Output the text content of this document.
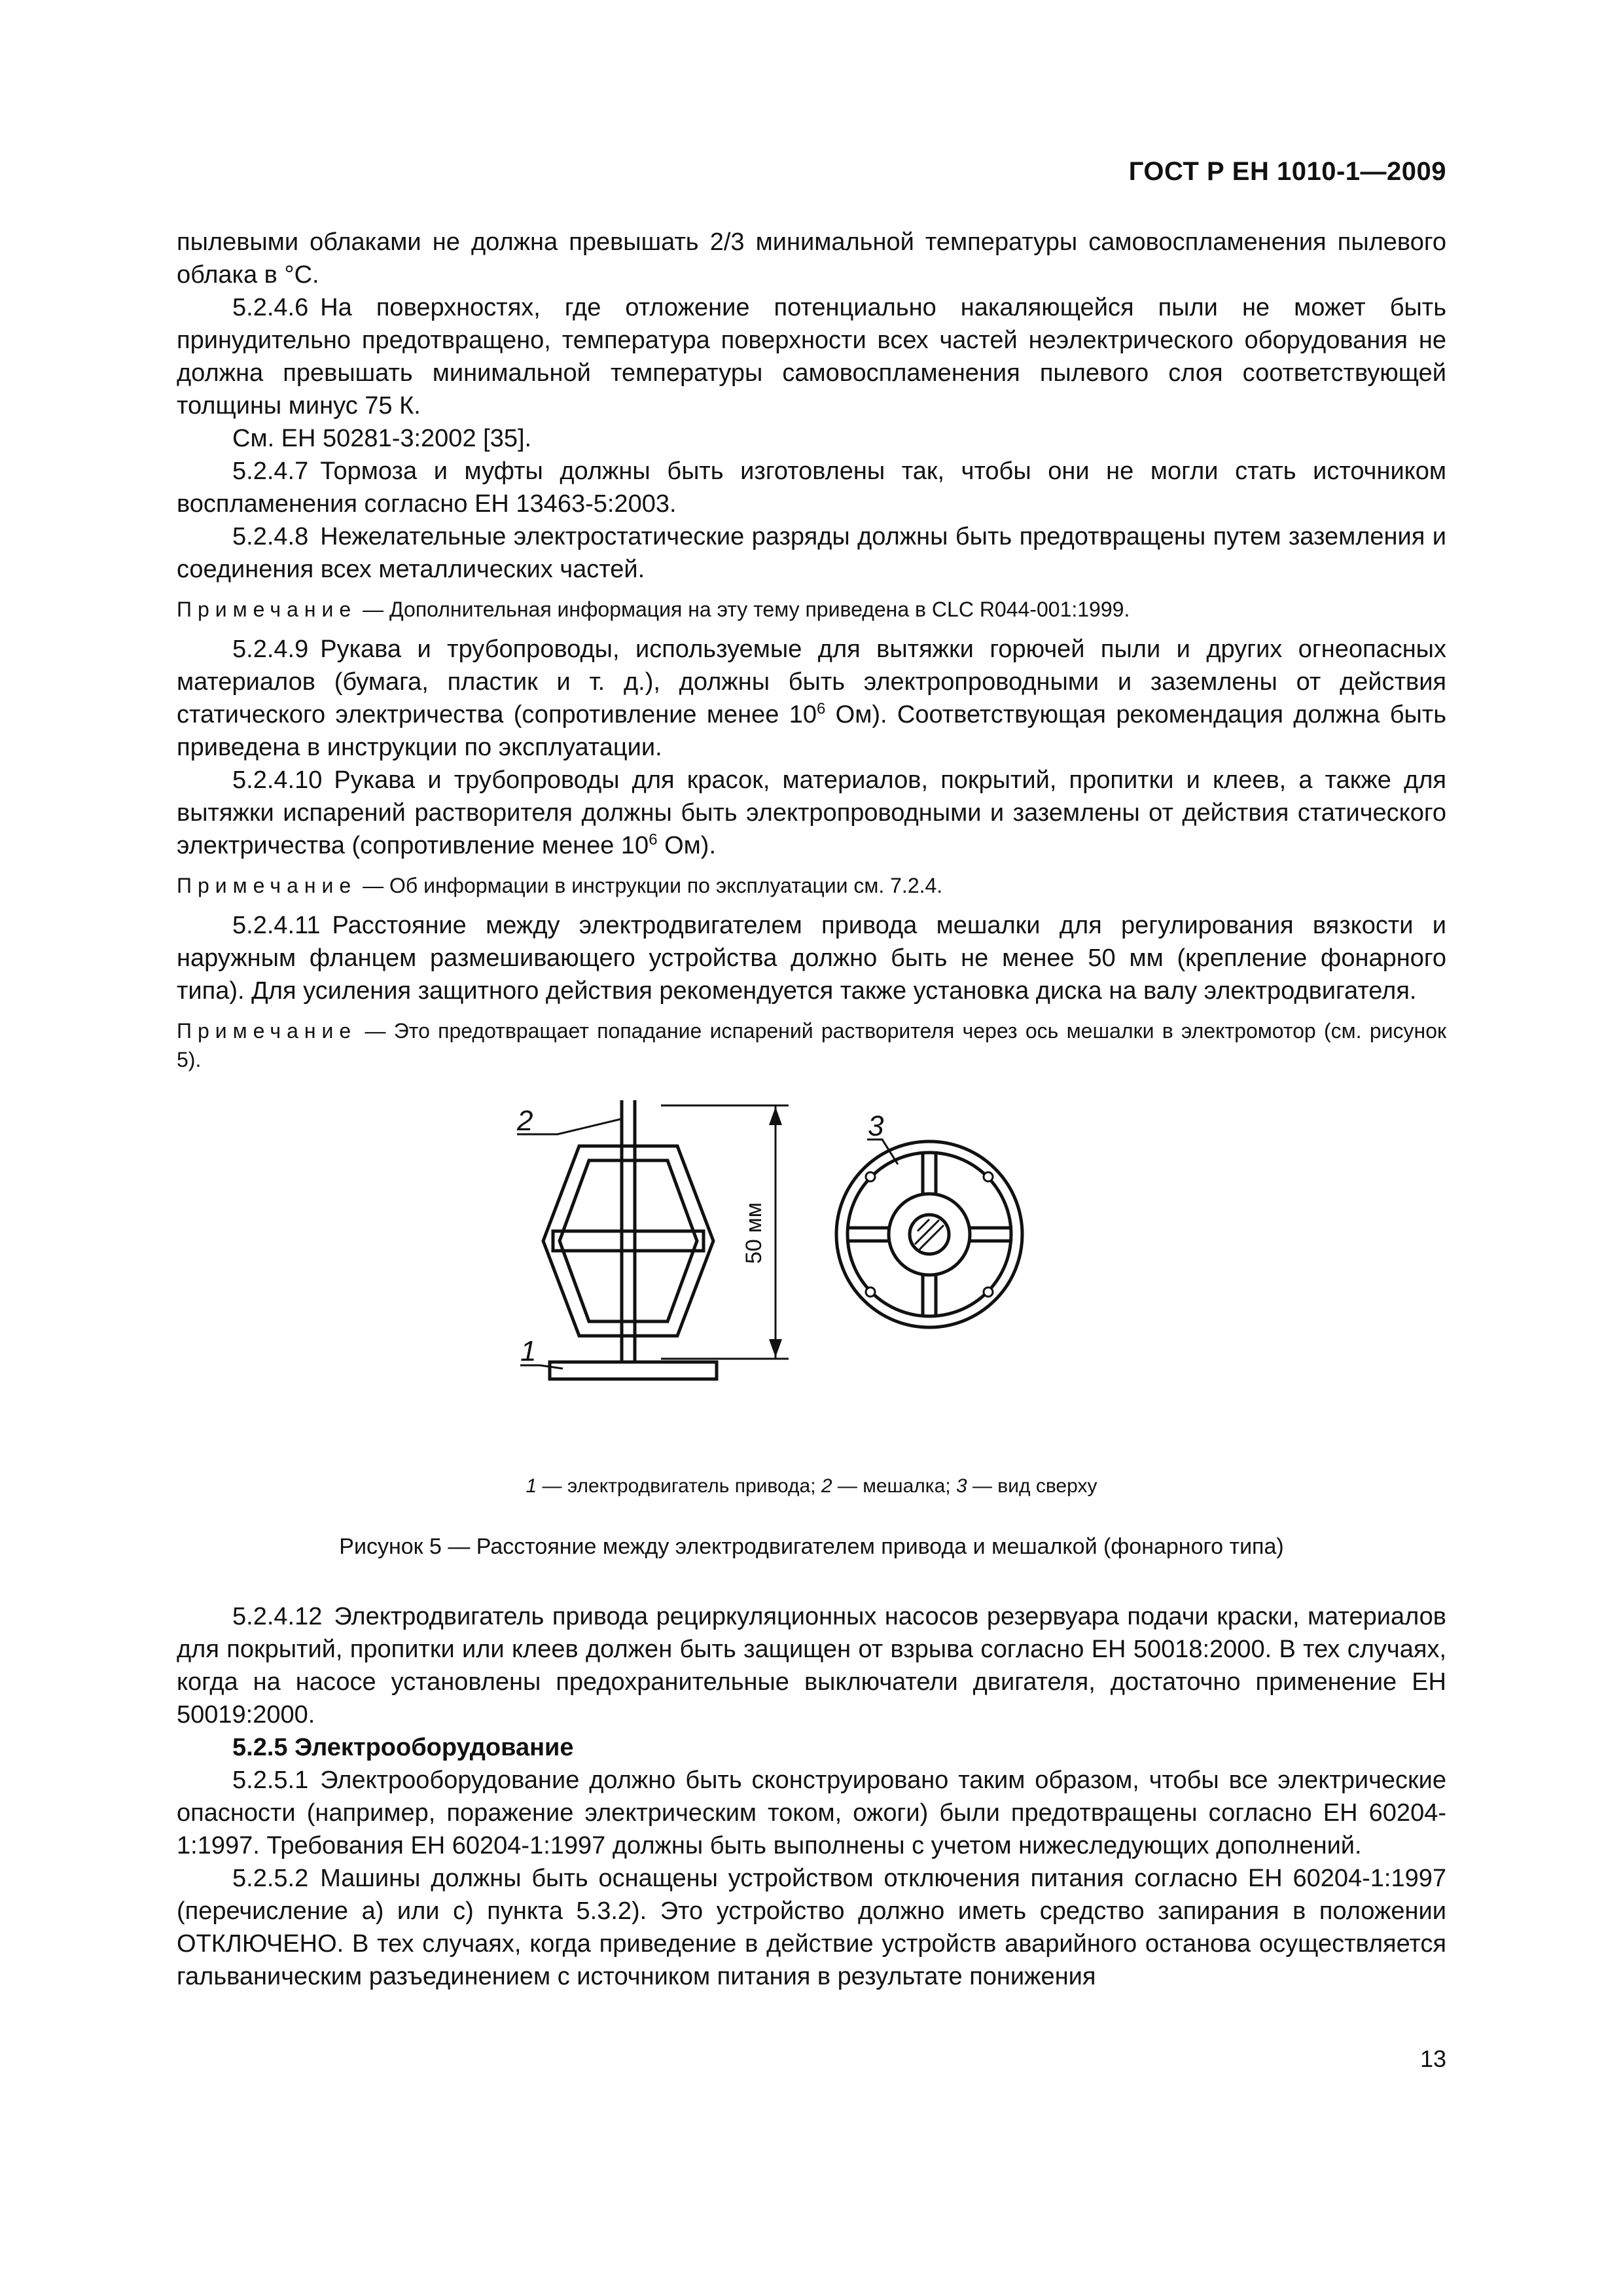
ГОСТ Р ЕН 1010-1—2009

пылевыми облаками не должна превышать 2/3 минимальной температуры самовоспламенения пылевого облака в °С.

5.2.4.6 На поверхностях, где отложение потенциально накаляющейся пыли не может быть принудительно предотвращено, температура поверхности всех частей неэлектрического оборудования не должна превышать минимальной температуры самовоспламенения пылевого слоя соответствующей толщины минус 75 К.

См. ЕН 50281-3:2002 [35].

5.2.4.7 Тормоза и муфты должны быть изготовлены так, чтобы они не могли стать источником воспламенения согласно ЕН 13463-5:2003.

5.2.4.8 Нежелательные электростатические разряды должны быть предотвращены путем заземления и соединения всех металлических частей.

Примечание — Дополнительная информация на эту тему приведена в CLC R044-001:1999.

5.2.4.9 Рукава и трубопроводы, используемые для вытяжки горючей пыли и других огнеопасных материалов (бумага, пластик и т. д.), должны быть электропроводными и заземлены от действия статического электричества (сопротивление менее $10^6$ Ом). Соответствующая рекомендация должна быть приведена в инструкции по эксплуатации.

5.2.4.10 Рукава и трубопроводы для красок, материалов, покрытий, пропитки и клеев, а также для вытяжки испарений растворителя должны быть электропроводными и заземлены от действия статического электричества (сопротивление менее $10^6$ Ом).

Примечание — Об информации в инструкции по эксплуатации см. 7.2.4.

5.2.4.11 Расстояние между электродвигателем привода мешалки для регулирования вязкости и наружным фланцем размешивающего устройства должно быть не менее 50 мм (крепление фонарного типа). Для усиления защитного действия рекомендуется также установка диска на валу электродвигателя.

Примечание — Это предотвращает попадание испарений растворителя через ось мешалки в электромотор (см. рисунок 5).

2
1
3
50 мм

1 — электродвигатель привода; 2 — мешалка; 3 — вид сверху

Рисунок 5 — Расстояние между электродвигателем привода и мешалкой (фонарного типа)

5.2.4.12 Электродвигатель привода рециркуляционных насосов резервуара подачи краски, материалов для покрытий, пропитки или клеев должен быть защищен от взрыва согласно ЕН 50018:2000. В тех случаях, когда на насосе установлены предохранительные выключатели двигателя, достаточно применение ЕН 50019:2000.

5.2.5 Электрооборудование

5.2.5.1 Электрооборудование должно быть сконструировано таким образом, чтобы все электрические опасности (например, поражение электрическим током, ожоги) были предотвращены согласно ЕН 60204-1:1997. Требования ЕН 60204-1:1997 должны быть выполнены с учетом нижеследующих дополнений.

5.2.5.2 Машины должны быть оснащены устройством отключения питания согласно ЕН 60204-1:1997 (перечисление а) или с) пункта 5.3.2). Это устройство должно иметь средство запирания в положении ОТКЛЮЧЕНО. В тех случаях, когда приведение в действие устройств аварийного останова осуществляется гальваническим разъединением с источником питания в результате понижения

13
